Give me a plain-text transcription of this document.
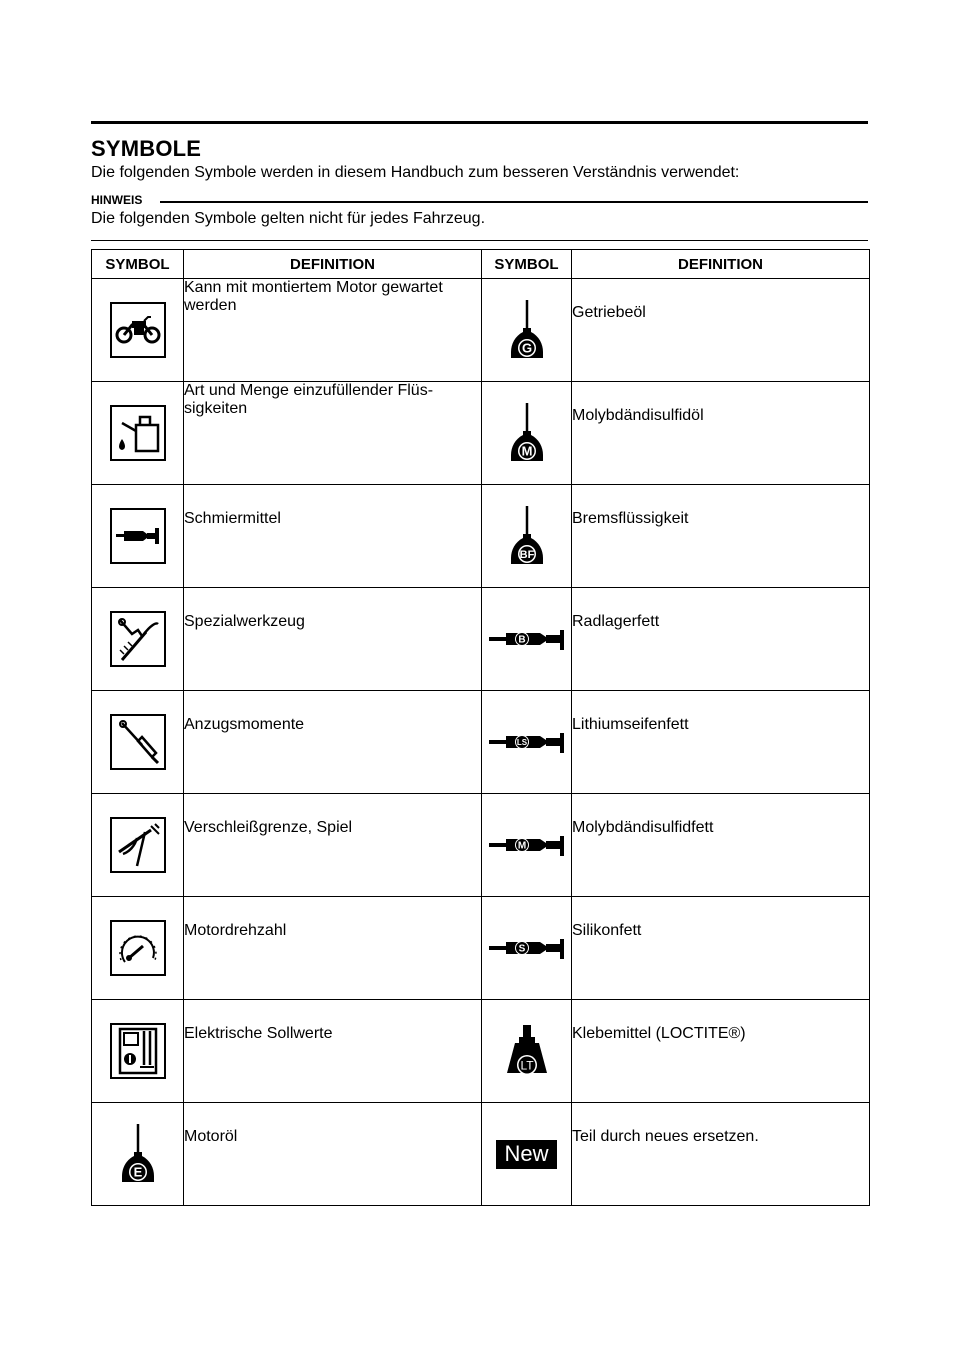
SYMBOLE
Die folgenden Symbole werden in diesem Handbuch zum besseren Verständnis verwendet:
HINWEIS
Die folgenden Symbole gelten nicht für jedes Fahrzeug.
SYMBOL	DEFINITION	SYMBOL	DEFINITION

	Kann mit montiertem Motor gewartet werden	G	Getriebeöl

	Art und Menge einzufüllender Flüs-
sigkeiten	M	Molybdändisulfidöl

	Schmiermittel	BF	Bremsflüssigkeit

	Spezialwerkzeug	B	Radlagerfett

	Anzugsmomente	LS	Lithiumseifenfett

	Verschleißgrenze, Spiel	M	Molybdändisulfidfett

	Motordrehzahl	S	Silikonfett

	Elektrische Sollwerte	LT	Klebemittel (LOCTITE®)

E	Motoröl	New	Teil durch neues ersetzen.
